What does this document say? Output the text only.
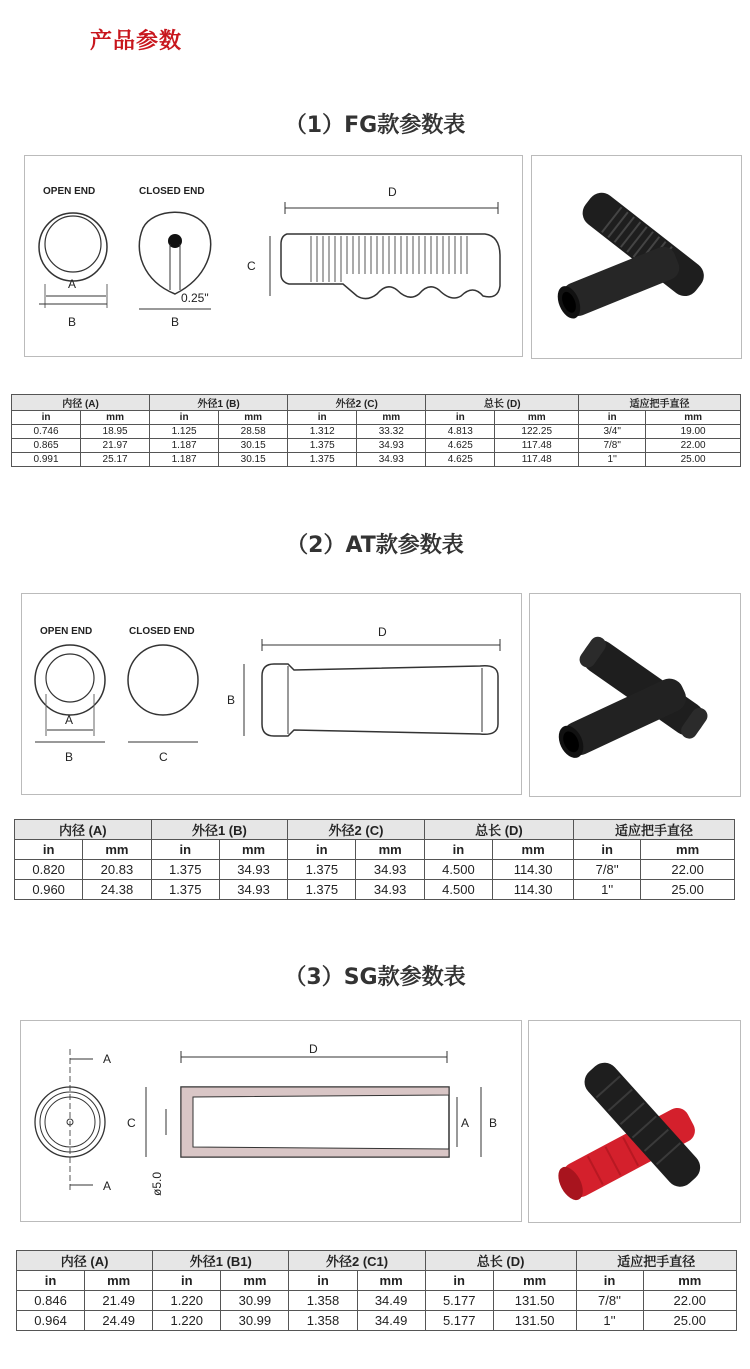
产品参数
（1）FG款参数表
OPEN END	CLOSED END
A
B
0.25"
B
D
C
内径 (A)		外径1 (B)		外径2 (C)		总长 (D)		适应把手直径	
in	mm	in	mm	in	mm	in	mm	in	mm
0.746	18.95	1.125	28.58	1.312	33.32	4.813	122.25	3/4"	19.00
0.865	21.97	1.187	30.15	1.375	34.93	4.625	117.48	7/8"	22.00
0.991	25.17	1.187	30.15	1.375	34.93	4.625	117.48	1''	25.00
（2）AT款参数表
OPEN END	CLOSED END
A
B	C
D
B
内径 (A)		外径1 (B)		外径2 (C)		总长 (D)		适应把手直径	
in	mm	in	mm	in	mm	in	mm	in	mm
0.820	20.83	1.375	34.93	1.375	34.93	4.500	114.30	7/8''	22.00
0.960	24.38	1.375	34.93	1.375	34.93	4.500	114.30	1''	25.00
（3）SG款参数表
A
A
D
C
ø5.0
A B
内径 (A)		外径1 (B1)		外径2 (C1)		总长 (D)		适应把手直径	
in	mm	in	mm	in	mm	in	mm	in	mm
0.846	21.49	1.220	30.99	1.358	34.49	5.177	131.50	7/8''	22.00
0.964	24.49	1.220	30.99	1.358	34.49	5.177	131.50	1''	25.00
